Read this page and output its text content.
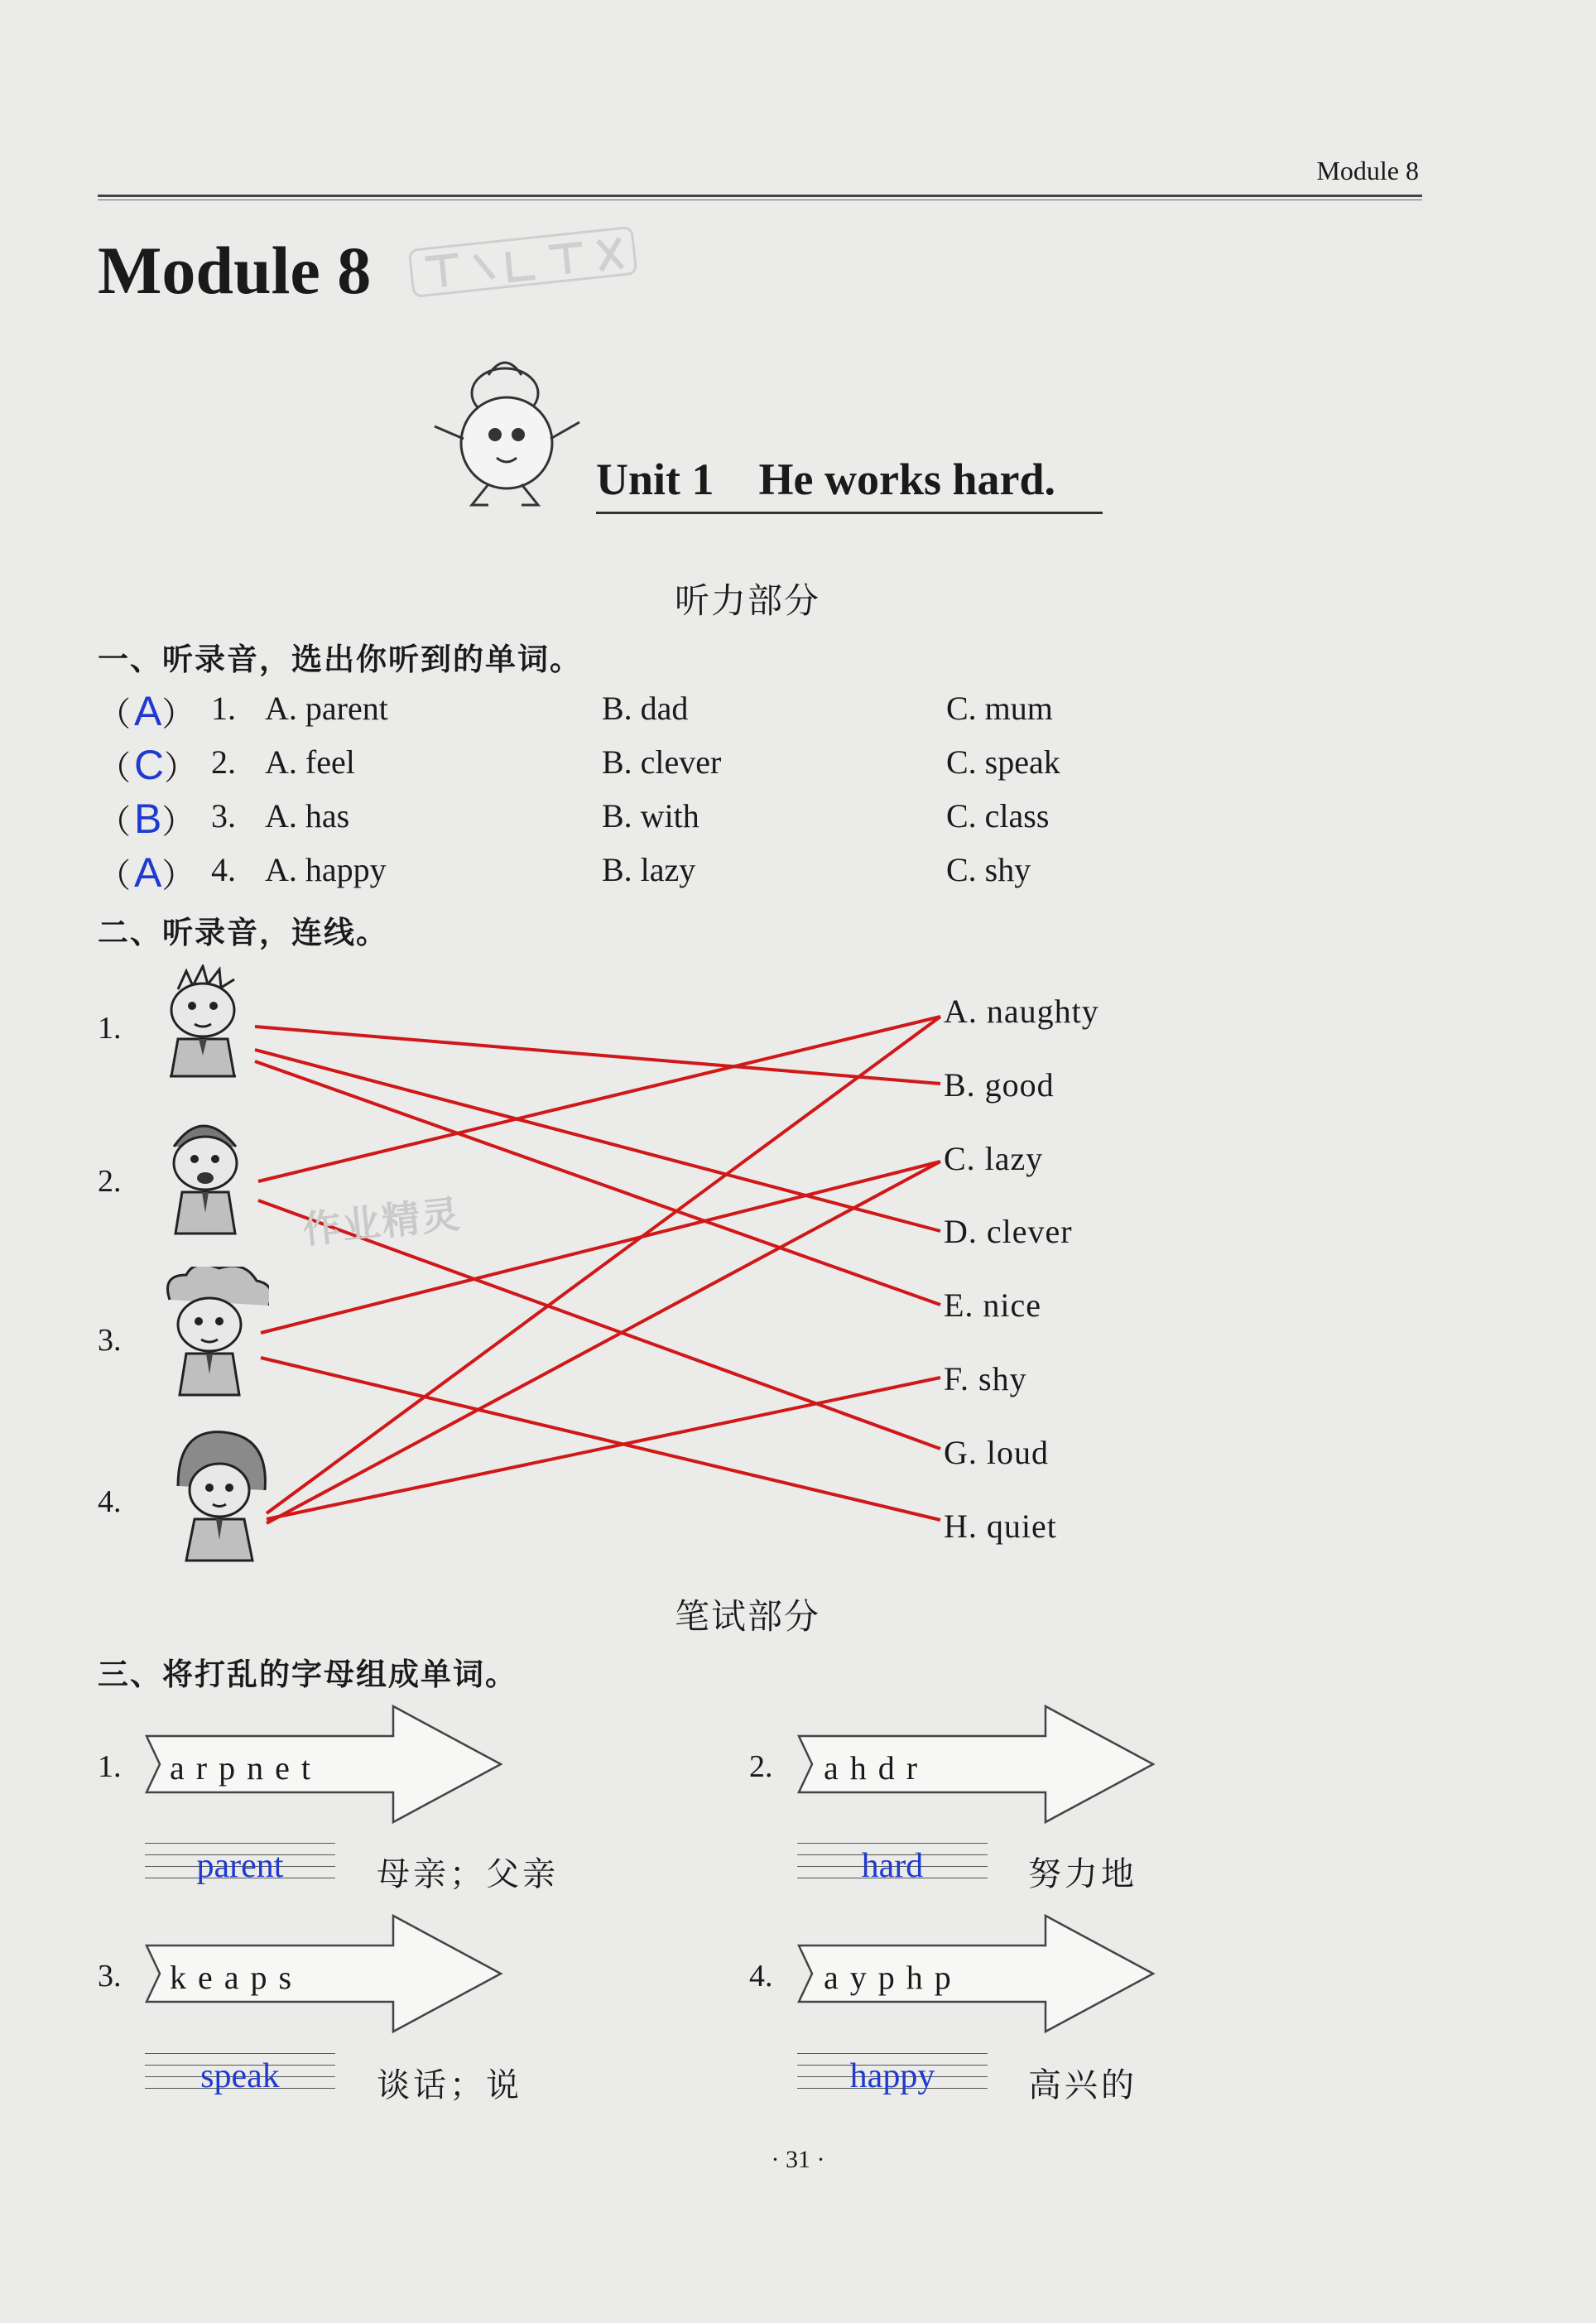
Module 8
Module 8
Unit 1    He works hard.
听力部分
一、听录音，选出你听到的单词。
（A） 1. A. parent	B. dad	C. mum
（C） 2. A. feel	B. clever	C. speak
（B） 3. A. has	B. with	C. class
（A） 4. A. happy	B. lazy	C. shy
二、听录音，连线。
1.
2.
3.
4.
A. naughty
B. good
C. lazy
D. clever
E. nice
F. shy
G. loud
H. quiet
作业精灵
笔试部分
三、将打乱的字母组成单词。
1. arpnet
parent	母亲；父亲
2. ahdr
hard	努力地
3. keaps
speak	谈话；说
4. ayphp
happy	高兴的
· 31 ·
